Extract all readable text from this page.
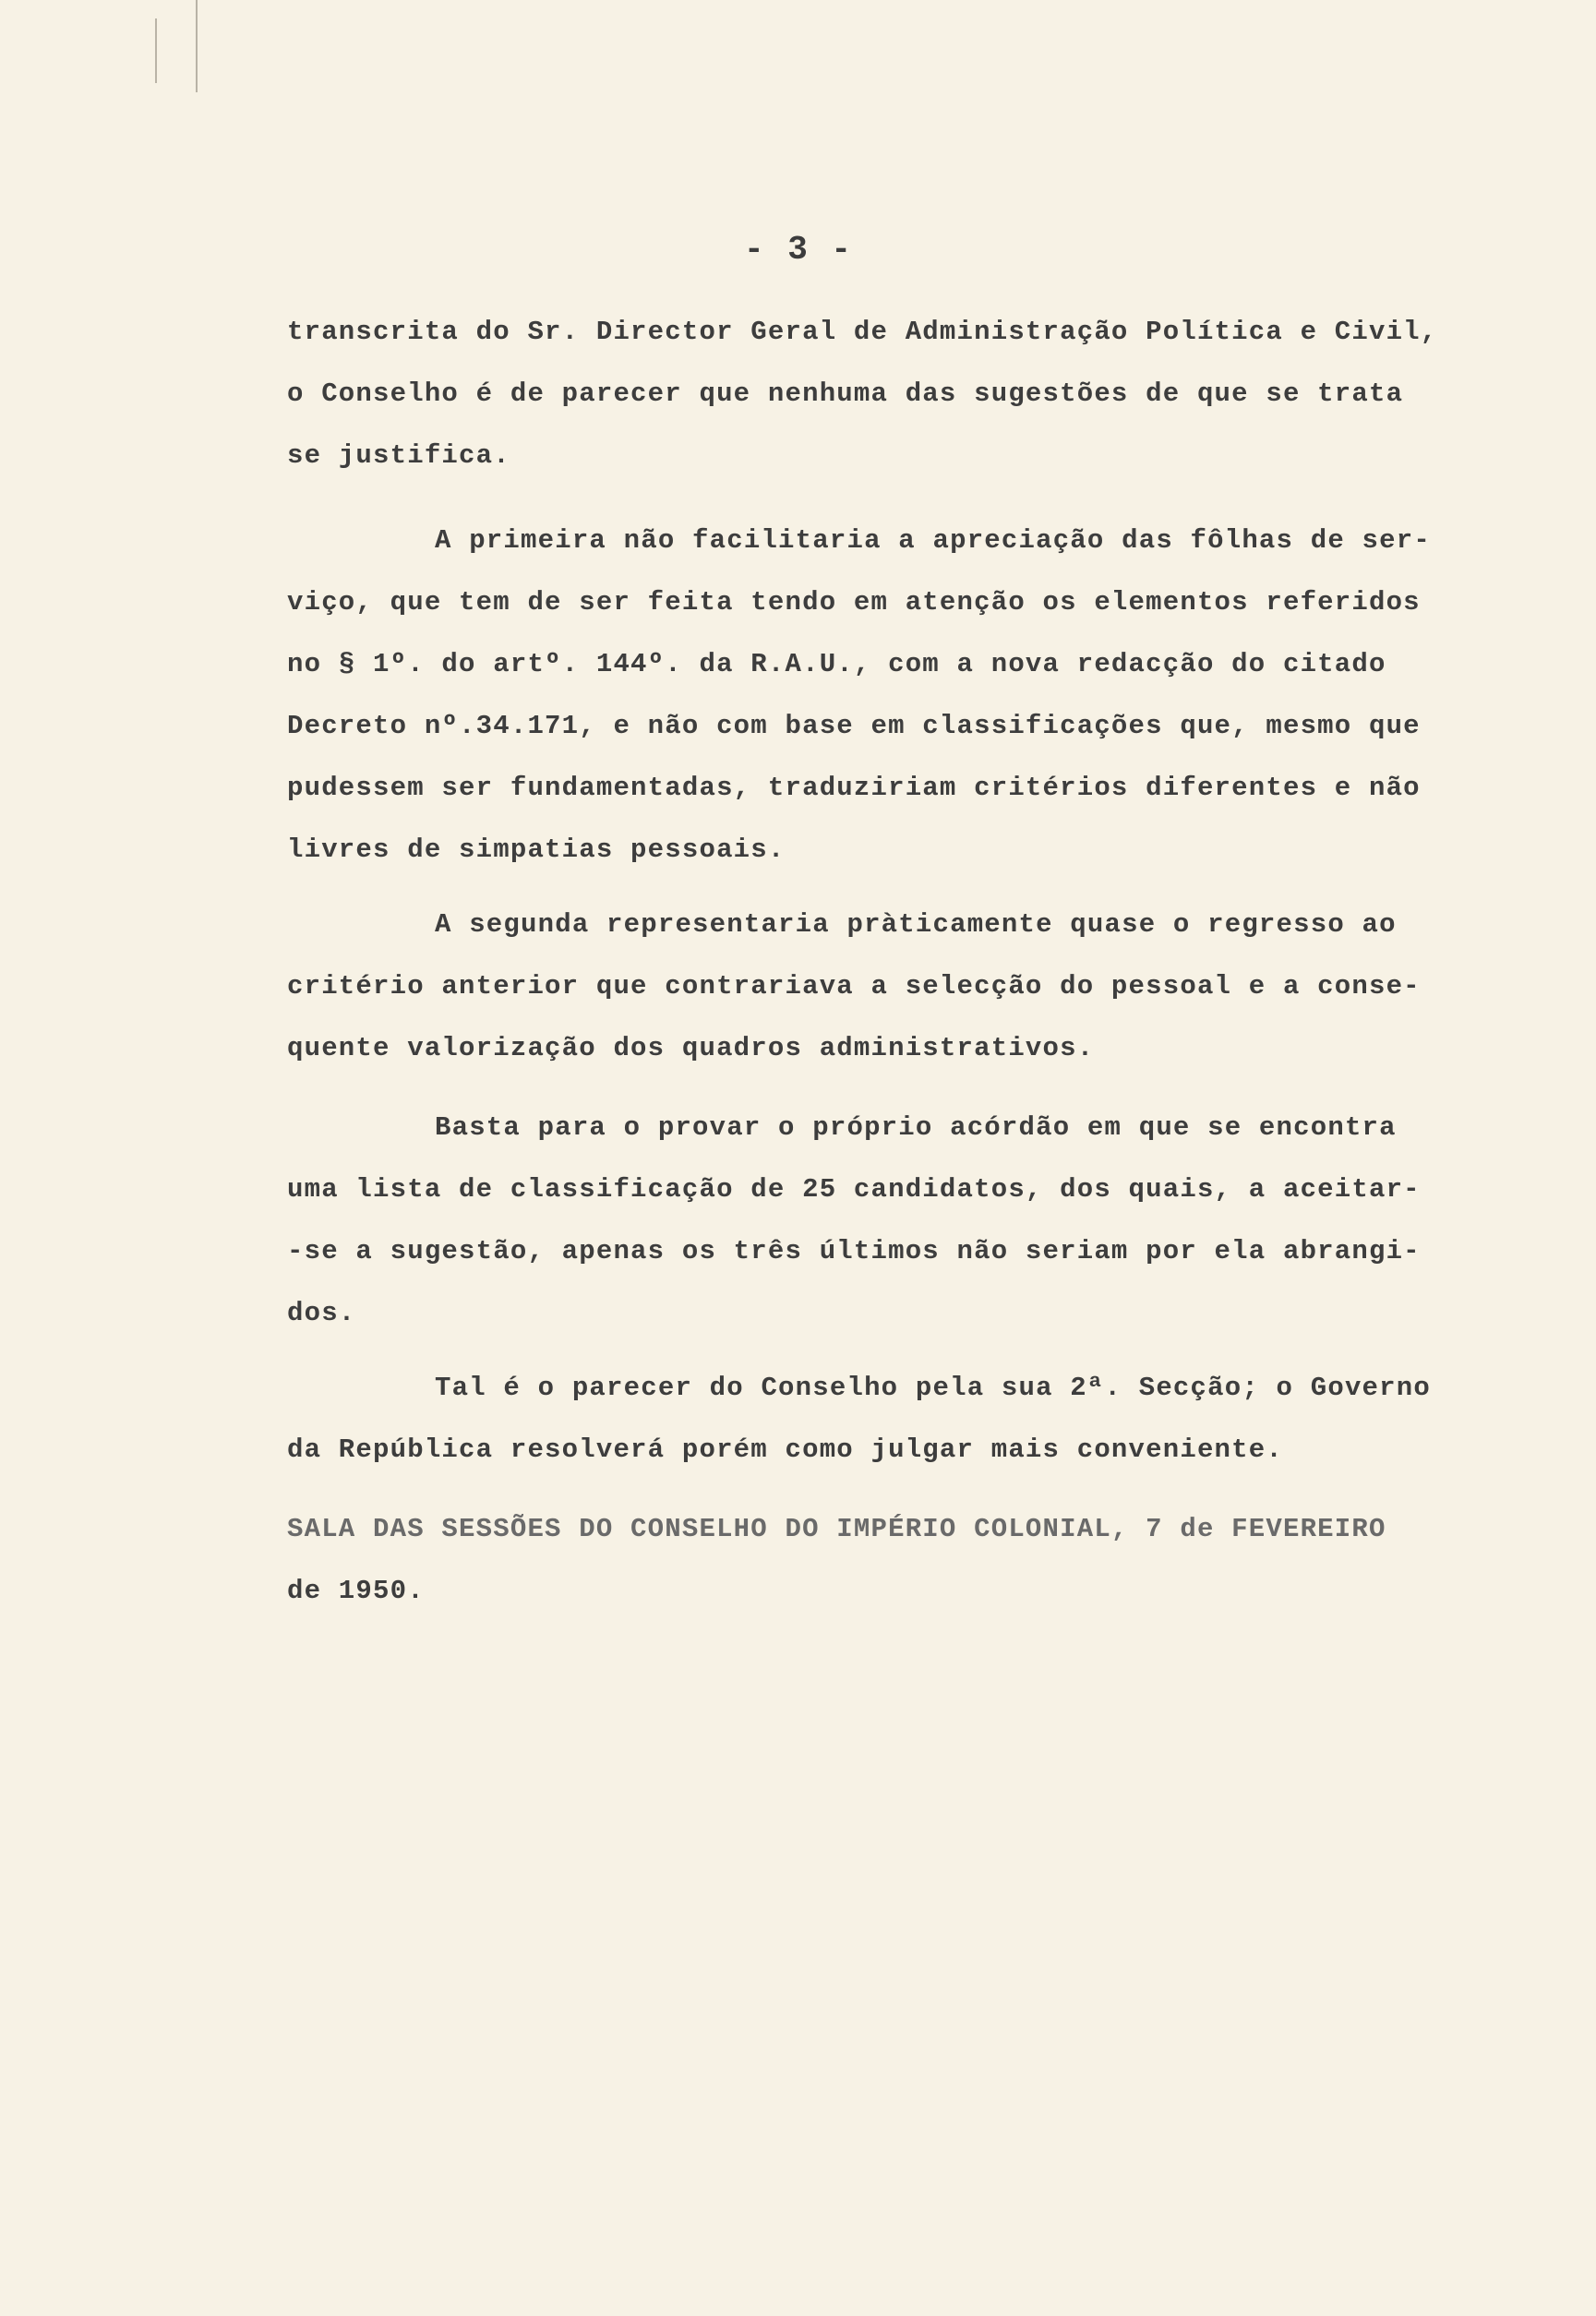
- 3 -
transcrita do Sr. Director Geral de Administração Política e Civil,
o Conselho é de parecer que nenhuma das sugestões de que se trata
se justifica.
A primeira não facilitaria a apreciação das fôlhas de ser-
viço, que tem de ser feita tendo em atenção os elementos referidos
no § 1º. do artº. 144º. da R.A.U., com a nova redacção do citado
Decreto nº.34.171, e não com base em classificações que, mesmo que
pudessem ser fundamentadas, traduziriam critérios diferentes e não
livres de simpatias pessoais.
A segunda representaria pràticamente quase o regresso ao
critério anterior que contrariava a selecção do pessoal e a conse-
quente valorização dos quadros administrativos.
Basta para o provar o próprio acórdão em que se encontra
uma lista de classificação de 25 candidatos, dos quais, a aceitar-
-se a sugestão, apenas os três últimos não seriam por ela abrangi-
dos.
Tal é o parecer do Conselho pela sua 2ª. Secção; o Governo
da República resolverá porém como julgar mais conveniente.
SALA DAS SESSÕES DO CONSELHO DO IMPÉRIO COLONIAL, 7 de FEVEREIRO
de 1950.
